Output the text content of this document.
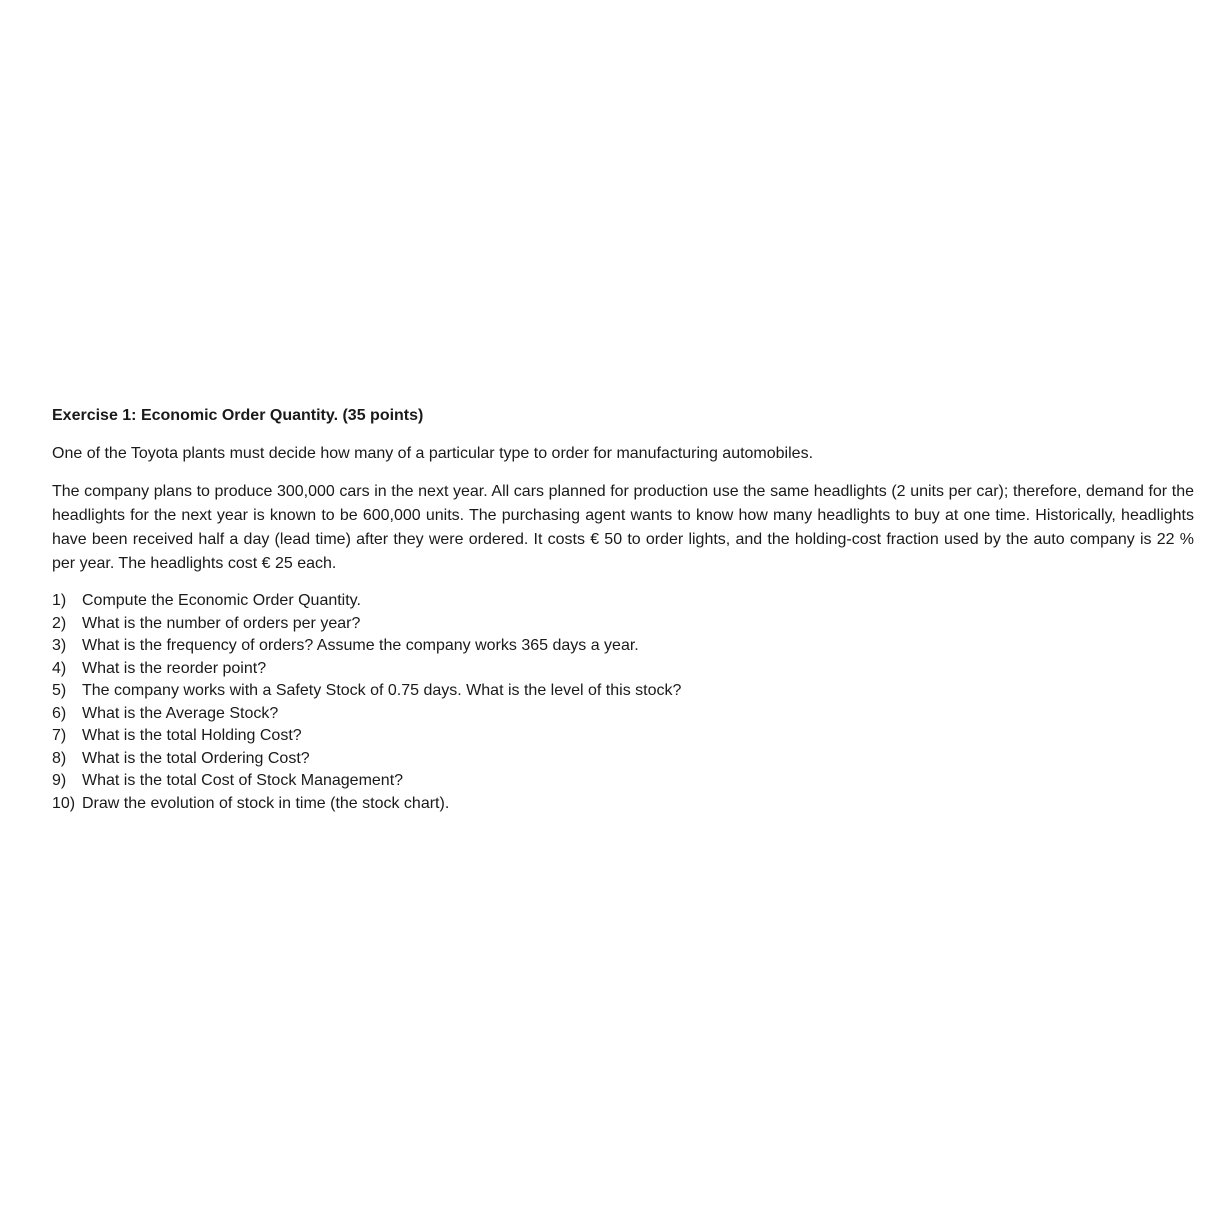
Exercise 1: Economic Order Quantity. (35 points)

One of the Toyota plants must decide how many of a particular type to order for manufacturing automobiles.

The company plans to produce 300,000 cars in the next year. All cars planned for production use the same headlights (2 units per car); therefore, demand for the headlights for the next year is known to be 600,000 units. The purchasing agent wants to know how many headlights to buy at one time. Historically, headlights have been received half a day (lead time) after they were ordered. It costs € 50 to order lights, and the holding-cost fraction used by the auto company is 22 % per year. The headlights cost € 25 each.

1) Compute the Economic Order Quantity.
2) What is the number of orders per year?
3) What is the frequency of orders? Assume the company works 365 days a year.
4) What is the reorder point?
5) The company works with a Safety Stock of 0.75 days. What is the level of this stock?
6) What is the Average Stock?
7) What is the total Holding Cost?
8) What is the total Ordering Cost?
9) What is the total Cost of Stock Management?
10) Draw the evolution of stock in time (the stock chart).
